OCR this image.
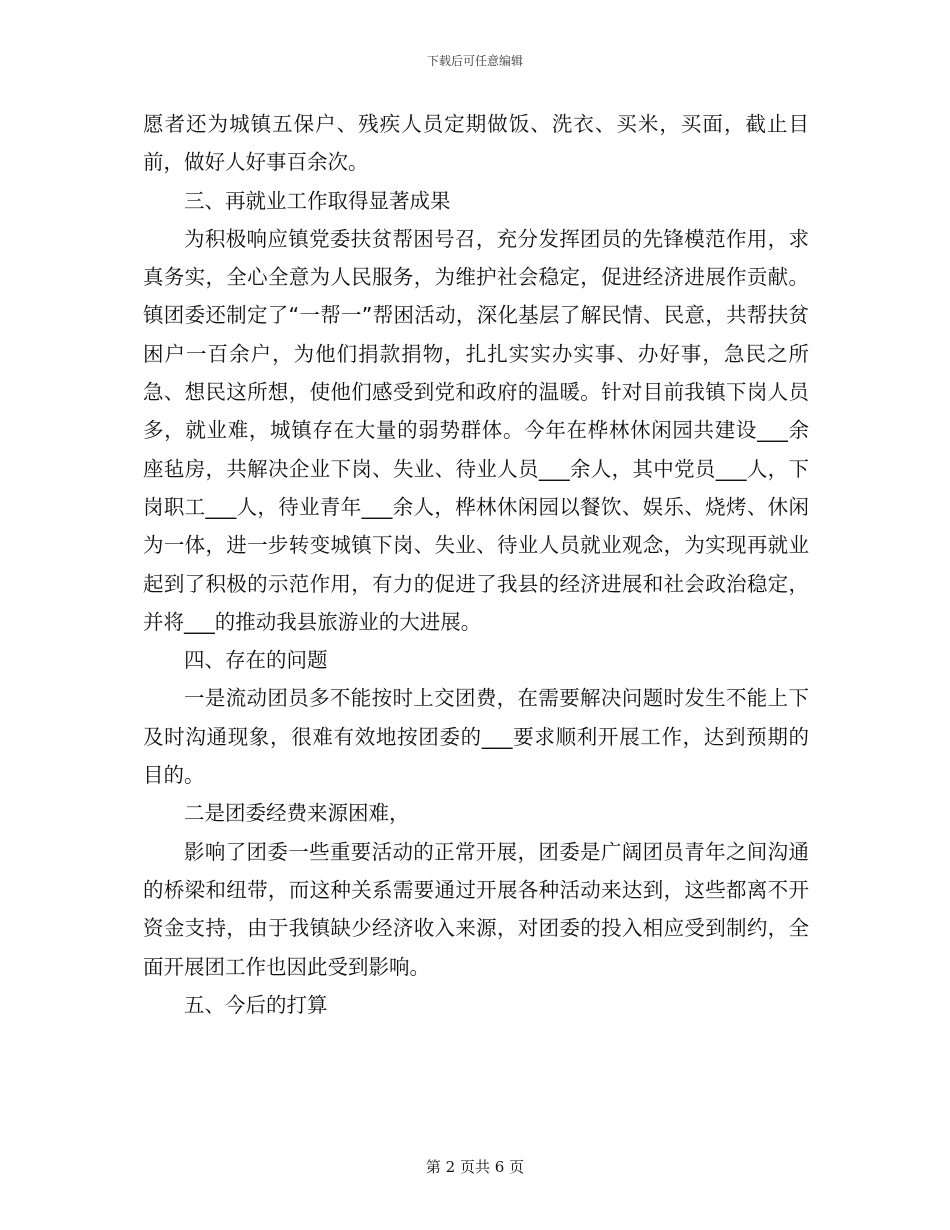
下载后可任意编辑

愿者还为城镇五保户、残疾人员定期做饭、洗衣、买米，买面，截止目前，做好人好事百余次。

三、再就业工作取得显著成果

为积极响应镇党委扶贫帮困号召，充分发挥团员的先锋模范作用，求真务实，全心全意为人民服务，为维护社会稳定，促进经济进展作贡献。镇团委还制定了“一帮一”帮困活动，深化基层了解民情、民意，共帮扶贫困户一百余户，为他们捐款捐物，扎扎实实办实事、办好事，急民之所急、想民这所想，使他们感受到党和政府的温暖。针对目前我镇下岗人员多，就业难，城镇存在大量的弱势群体。今年在桦林休闲园共建设___余座毡房，共解决企业下岗、失业、待业人员___余人，其中党员___人，下岗职工___人，待业青年___余人，桦林休闲园以餐饮、娱乐、烧烤、休闲为一体，进一步转变城镇下岗、失业、待业人员就业观念，为实现再就业起到了积极的示范作用，有力的促进了我县的经济进展和社会政治稳定，并将___的推动我县旅游业的大进展。

四、存在的问题

一是流动团员多不能按时上交团费，在需要解决问题时发生不能上下及时沟通现象，很难有效地按团委的___要求顺利开展工作，达到预期的目的。

二是团委经费来源困难，

影响了团委一些重要活动的正常开展，团委是广阔团员青年之间沟通的桥梁和纽带，而这种关系需要通过开展各种活动来达到，这些都离不开资金支持，由于我镇缺少经济收入来源，对团委的投入相应受到制约，全面开展团工作也因此受到影响。

五、今后的打算

第 2 页共 6 页
